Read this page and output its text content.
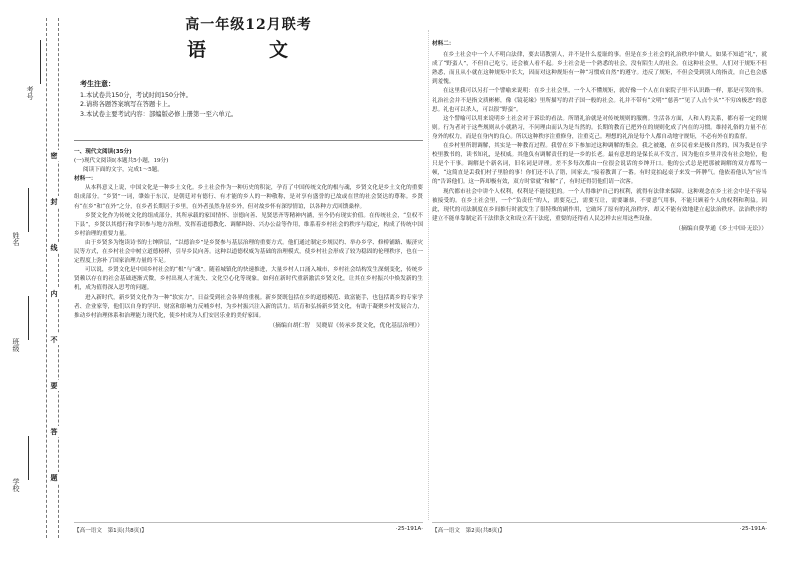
学校
班级
姓名
考号
密
封
线
内
不
要
答
题
高一年级12月联考
语　文
考生注意：
1.本试卷共150分，考试时间150分钟。
2.请将各题答案填写在答题卡上。
3.本试卷主要考试内容：部编版必修上册第一至六单元。

一、现代文阅读(35分)

(一)现代文阅读Ⅰ(本题共5小题，19分)

阅读下面的文字，完成1～5题。

材料一：

从本科意义上说，中国文化是一种乡土文化。乡土社会作为一种历史的积淀，孕育了中国传统文化的根与魂，乡贤文化是乡土文化的重要组成部分。“乡贤”一词，肇始于东汉，是朝廷对有德行、有才能的乡人的一种敬称，是对享有盛誉的已故或在世的社会贤达的尊称。乡贤有“在乡”和“在外”之分，在乡者长期居于乡里，在外者虽然身居乡外，但对故乡怀有深厚情谊，以各种方式回馈桑梓。

乡贤文化作为传统文化的组成部分，其所承载的家国情怀、崇德向善、见贤思齐等精神内涵，至今仍有现实价值。在传统社会，“皇权不下县”，乡贤以其德行和学识参与地方治理，发挥着道德教化、调解纠纷、兴办公益等作用，维系着乡村社会的秩序与稳定，构成了传统中国乡村治理的重要力量。

由于乡贤多为饱读诗书的士绅阶层，“以德治乡”是乡贤参与基层治理的重要方式。他们通过制定乡规民约、举办乡学、修桥铺路、赈济灾民等方式，在乡村社会中树立道德榜样，引导乡民向善。这种以道德权威为基础的治理模式，使乡村社会形成了较为稳固的伦理秩序，也在一定程度上弥补了国家治理力量的不足。

可以说，乡贤文化是中国乡村社会的“根”与“魂”。随着城镇化的快速推进，大量乡村人口涌入城市，乡村社会结构发生深刻变化，传统乡贤赖以存在的社会基础逐渐式微，乡村出现人才流失、文化空心化等现象。如何在新时代重新激活乡贤文化，让其在乡村振兴中焕发新的生机，成为值得深入思考的问题。

进入新时代，新乡贤文化作为一种“软实力”，日益受到社会各界的重视。新乡贤既包括在乡的道德模范、致富能手，也包括离乡的专家学者、企业家等，他们以自身的学识、财富和影响力反哺乡村，为乡村振兴注入新的活力。培育和弘扬新乡贤文化，有助于凝聚乡村发展合力，推动乡村治理体系和治理能力现代化，使乡村成为人们安居乐业的美好家园。

（摘编自胡仁智　吴晓眉《传承乡贤文化，优化基层治理》）

【高一语文　第1页(共8页)】	·25-191A·

材料二：

在乡土社会中一个人不明白法律，要去请教别人，并不是什么羞耻的事。但是在乡土社会的礼治秩序中做人，如果不知道“礼”，就成了“野蛮人”，不但自己吃亏，还会被人看不起。乡土社会是一个熟悉的社会，没有陌生人的社会。在这种社会里，人们对于规矩不但熟悉，而且从小就在这种规矩中长大，因而对这种规矩有一种“习惯成自然”的遵守。违反了规矩，不但会受到别人的指责，自己也会感到羞愧。

在这里我可以另打一个譬喻来说明：在乡土社会里，一个人不懂规矩，就好像一个人在自家院子里不认识路一样，那是可笑的事。礼治社会并不是指文质彬彬，像《镜花缘》里所描写的君子国一般的社会。礼并不带有“文明”“慈善”“见了人点个头”“不穷凶极恶”的意思。礼也可以杀人，可以很“野蛮”。

这个譬喻可以用来说明乡土社会对于诉讼的看法。所谓礼治就是对传统规则的服膺。生活各方面，人和人的关系，都有着一定的规则。行为者对于这些规则从小就熟习，不问理由而认为是当然的。长期的教育已把外在的规则化成了内在的习惯。维持礼俗的力量不在身外的权力，而是在身内的良心。所以这种秩序注重修身，注重克己。理想的礼治是每个人都自动地守规矩，不必有外在的监督。

在乡村里所谓调解，其实是一种教育过程。我曾在乡下参加过这种调解的集会。我之被邀，在乡民看来是极自然的，因为我是在学校里教书的，读书知礼，是权威。其他负有调解责任的是一乡的长老。最有意思的是保长从不发言，因为他在乡里并没有社会地位，他只是个干事。调解是个新名词，旧名词是评理。差不多每次都由一位很会说话的乡绅开口。他的公式总是把那被调解的双方都骂一顿，“这简直是丢我们村子里脸的事！你们还不认了错，回家去。”接着教训了一番。有时竟拍起桌子来发一阵脾气。他依着他认为“应当的”告诉他们。这一阵却极有效，双方时常就“和解”了，有时还得罚他们请一次客。

现代都市社会中讲个人权利，权利是不能侵犯的。一个人得维护自己的权利，就得有法律来保障。这种观念在乡土社会中是不容易被接受的。在乡土社会里，一个“负责任”的人，需要克己，需要互让，需要谦恭，不要意气用事，不能只顾着个人的权利和利益。因此，现代的司法制度在乡间推行时就发生了很特殊的副作用，它破坏了原有的礼治秩序，却又不能有效地建立起法治秩序。法治秩序的建立不能单靠制定若干法律条文和设立若干法庭，重要的还得看人民怎样去应用这些设备。

（摘编自费孝通《乡土中国·无讼》）

【高一语文　第2页(共8页)】	·25-191A·
